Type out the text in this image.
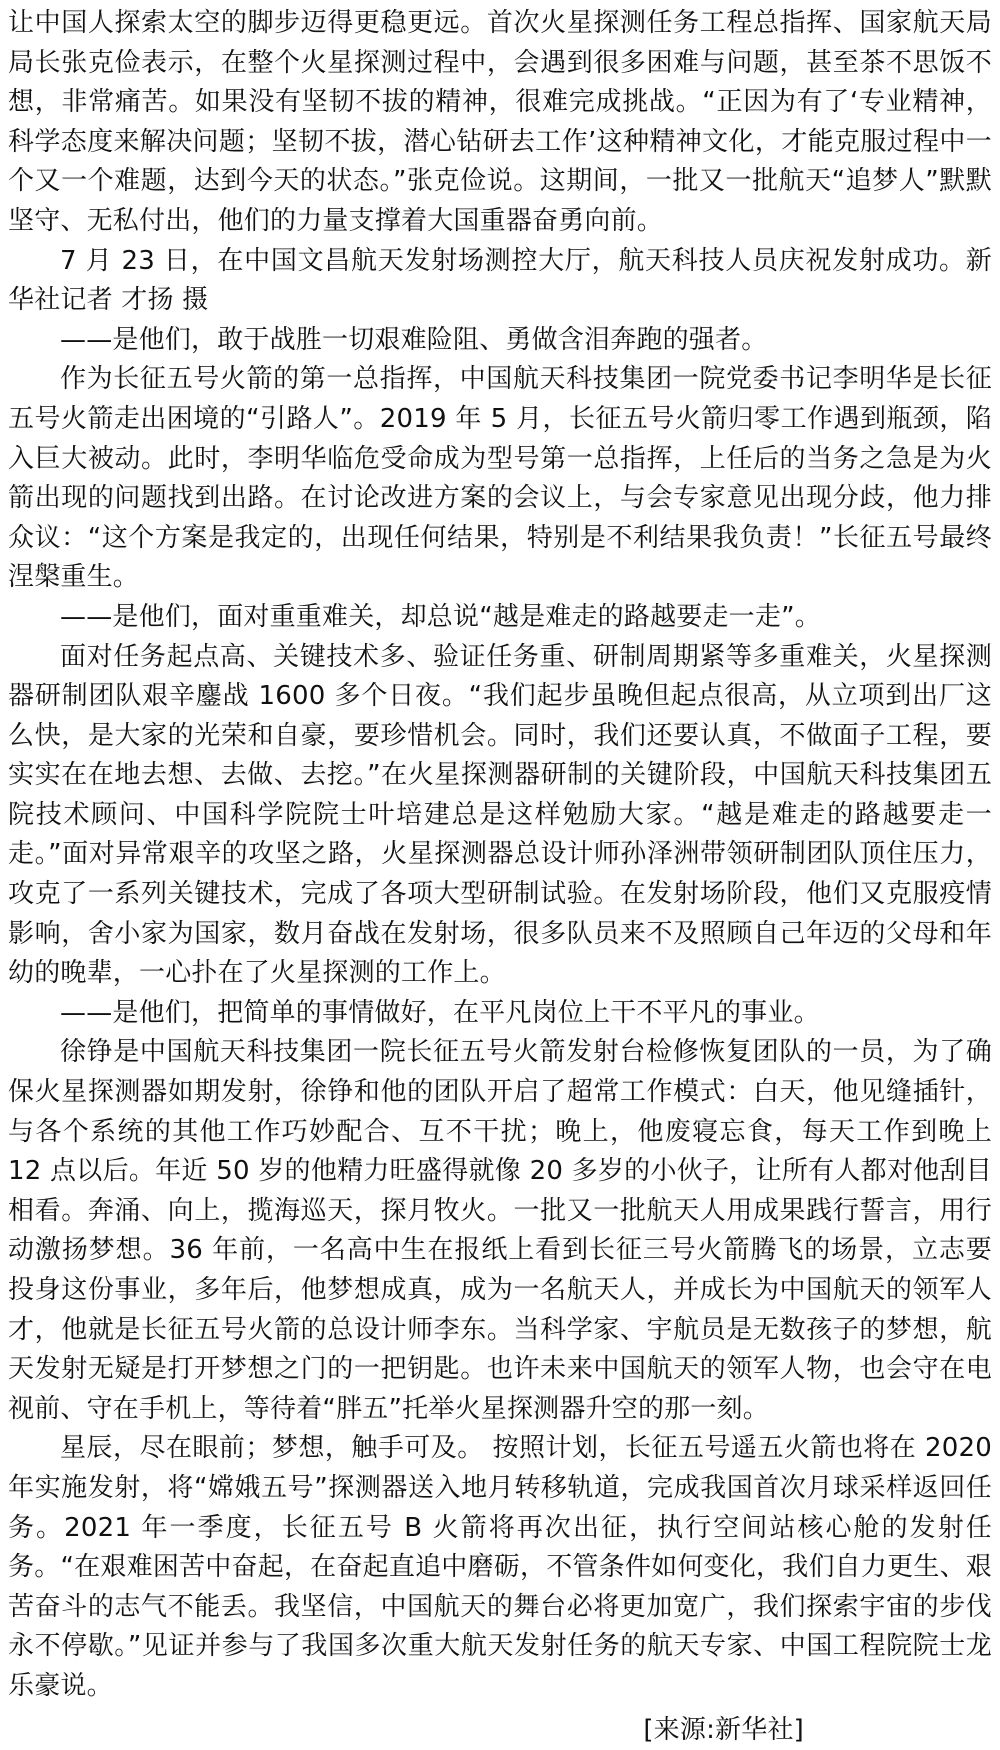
让中国人探索太空的脚步迈得更稳更远。首次火星探测任务工程总指挥、国家航天局局长张克俭表示，在整个火星探测过程中，会遇到很多困难与问题，甚至茶不思饭不想，非常痛苦。如果没有坚韧不拔的精神，很难完成挑战。“正因为有了‘专业精神，科学态度来解决问题；坚韧不拔，潜心钻研去工作’这种精神文化，才能克服过程中一个又一个难题，达到今天的状态。”张克俭说。这期间，一批又一批航天“追梦人”默默坚守、无私付出，他们的力量支撑着大国重器奋勇向前。

7 月 23 日，在中国文昌航天发射场测控大厅，航天科技人员庆祝发射成功。新华社记者 才扬 摄

——是他们，敢于战胜一切艰难险阻、勇做含泪奔跑的强者。

作为长征五号火箭的第一总指挥，中国航天科技集团一院党委书记李明华是长征五号火箭走出困境的“引路人”。2019 年 5 月，长征五号火箭归零工作遇到瓶颈，陷入巨大被动。此时，李明华临危受命成为型号第一总指挥，上任后的当务之急是为火箭出现的问题找到出路。在讨论改进方案的会议上，与会专家意见出现分歧，他力排众议：“这个方案是我定的，出现任何结果，特别是不利结果我负责！”长征五号最终涅槃重生。

——是他们，面对重重难关，却总说“越是难走的路越要走一走”。

面对任务起点高、关键技术多、验证任务重、研制周期紧等多重难关，火星探测器研制团队艰辛鏖战 1600 多个日夜。“我们起步虽晚但起点很高，从立项到出厂这么快，是大家的光荣和自豪，要珍惜机会。同时，我们还要认真，不做面子工程，要实实在在地去想、去做、去挖。”在火星探测器研制的关键阶段，中国航天科技集团五院技术顾问、中国科学院院士叶培建总是这样勉励大家。“越是难走的路越要走一走。”面对异常艰辛的攻坚之路，火星探测器总设计师孙泽洲带领研制团队顶住压力，攻克了一系列关键技术，完成了各项大型研制试验。在发射场阶段，他们又克服疫情影响，舍小家为国家，数月奋战在发射场，很多队员来不及照顾自己年迈的父母和年幼的晚辈，一心扑在了火星探测的工作上。

——是他们，把简单的事情做好，在平凡岗位上干不平凡的事业。

徐铮是中国航天科技集团一院长征五号火箭发射台检修恢复团队的一员，为了确保火星探测器如期发射，徐铮和他的团队开启了超常工作模式：白天，他见缝插针，与各个系统的其他工作巧妙配合、互不干扰；晚上，他废寝忘食，每天工作到晚上 12 点以后。年近 50 岁的他精力旺盛得就像 20 多岁的小伙子，让所有人都对他刮目相看。奔涌、向上，揽海巡天，探月牧火。一批又一批航天人用成果践行誓言，用行动激扬梦想。36 年前，一名高中生在报纸上看到长征三号火箭腾飞的场景，立志要投身这份事业，多年后，他梦想成真，成为一名航天人，并成长为中国航天的领军人才，他就是长征五号火箭的总设计师李东。当科学家、宇航员是无数孩子的梦想，航天发射无疑是打开梦想之门的一把钥匙。也许未来中国航天的领军人物，也会守在电视前、守在手机上，等待着“胖五”托举火星探测器升空的那一刻。

星辰，尽在眼前；梦想，触手可及。 按照计划，长征五号遥五火箭也将在 2020 年实施发射，将“嫦娥五号”探测器送入地月转移轨道，完成我国首次月球采样返回任务。2021 年一季度，长征五号 B 火箭将再次出征，执行空间站核心舱的发射任务。“在艰难困苦中奋起，在奋起直追中磨砺，不管条件如何变化，我们自力更生、艰苦奋斗的志气不能丢。我坚信，中国航天的舞台必将更加宽广，我们探索宇宙的步伐永不停歇。”见证并参与了我国多次重大航天发射任务的航天专家、中国工程院院士龙乐豪说。

[来源:新华社]
